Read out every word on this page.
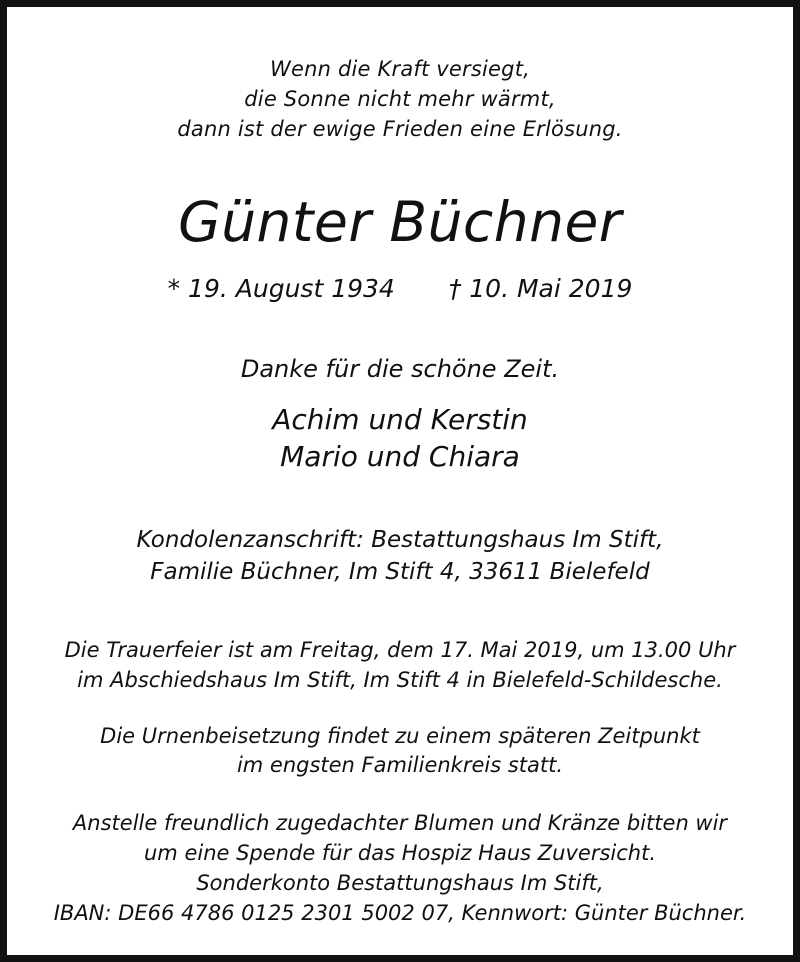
Wenn die Kraft versiegt,
die Sonne nicht mehr wärmt,
dann ist der ewige Frieden eine Erlösung.
Günter Büchner
* 19. August 1934 † 10. Mai 2019
Danke für die schöne Zeit.
Achim und Kerstin
Mario und Chiara
Kondolenzanschrift: Bestattungshaus Im Stift,
Familie Büchner, Im Stift 4, 33611 Bielefeld
Die Trauerfeier ist am Freitag, dem 17. Mai 2019, um 13.00 Uhr
im Abschiedshaus Im Stift, Im Stift 4 in Bielefeld-Schildesche.
Die Urnenbeisetzung findet zu einem späteren Zeitpunkt
im engsten Familienkreis statt.
Anstelle freundlich zugedachter Blumen und Kränze bitten wir
um eine Spende für das Hospiz Haus Zuversicht.
Sonderkonto Bestattungshaus Im Stift,
IBAN: DE66 4786 0125 2301 5002 07, Kennwort: Günter Büchner.
